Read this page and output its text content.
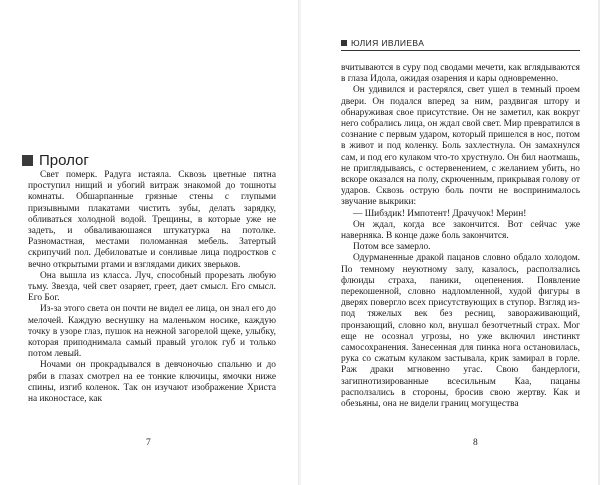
Пролог

Свет померк. Радуга истаяла. Сквозь цветные пятна проступил нищий и убогий витраж знакомой до тошноты комнаты. Обшарпанные грязные стены с глупыми призывными плакатами чистить зубы, делать зарядку, обливаться холодной водой. Трещины, в которые уже не задеть, и обваливаюшаяся штукатурка на потолке. Разномастная, местами поломанная мебель. Затертый скрипучий пол. Дебиловатые и сонливые лица подростков с вечно открытыми ртами и взглядами диких зверьков.

Она вышла из класса. Луч, способный прорезать любую тьму. Звезда, чей свет озаряет, греет, дает смысл. Его смысл. Его Бог.

Из-за этого света он почти не видел ее лица, он знал его до мелочей. Каждую веснушку на маленьком носике, каждую точку в узоре глаз, пушок на нежной загорелой щеке, улыбку, которая приподнимала самый правый уголок губ и только потом левый.

Ночами он прокрадывался в девчоночью спальню и до ряби в глазах смотрел на ее тонкие ключицы, ямочки ниже спины, изгиб коленок. Так он изучают изображение Христа на иконостасе, как

7
ЮЛИЯ ИВЛИЕВА

вчитываются в суру под сводами мечети, как вглядываются в глаза Идола, ожидая озарения и кары одновременно.

Он удивился и растерялся, свет ушел в темный проем двери. Он подался вперед за ним, раздвигая штору и обнаруживая свое присутствие. Он не заметил, как вокруг него собрались лица, он ждал свой свет. Мир превратился в сознание с первым ударом, который пришелся в нос, потом в живот и под коленку. Боль захлестнула. Он замахнулся сам, и под его кулаком что-то хрустнуло. Он бил наотмашь, не приглядываясь, с остервенением, с желанием убить, но вскоре оказался на полу, скрюченным, прикрывая голову от ударов. Сквозь острую боль почти не воспринималось звучание выкрики:

— Шибздик! Импотент! Драчучок! Мерин!

Он ждал, когда все закончится. Вот сейчас уже наверняка. В конце даже боль закончится.

Потом все замерло.

Одурманенные дракой пацанов словно обдало холодом. По темному неуютному залу, казалось, расползались флюиды страха, паники, оцепенения. Появление перекошенной, словно надломленной, худой фигуры в дверях повергло всех присутствующих в ступор. Взгляд из-под тяжелых век без ресниц, завораживающий, пронзающий, словно кол, внушал безотчетный страх. Мог еще не осознал угрозы, но уже включил инстинкт самосохранения. Занесенная для пинка нога остановилась, рука со сжатым кулаком застывала, крик замирал в горле. Раж драки мгновенно угас. Свою бандерлоги, загипнотизированные всесильным Каа, пацаны расползались в стороны, бросив свою жертву. Как и обезьяны, она не видели границ могущества

8
